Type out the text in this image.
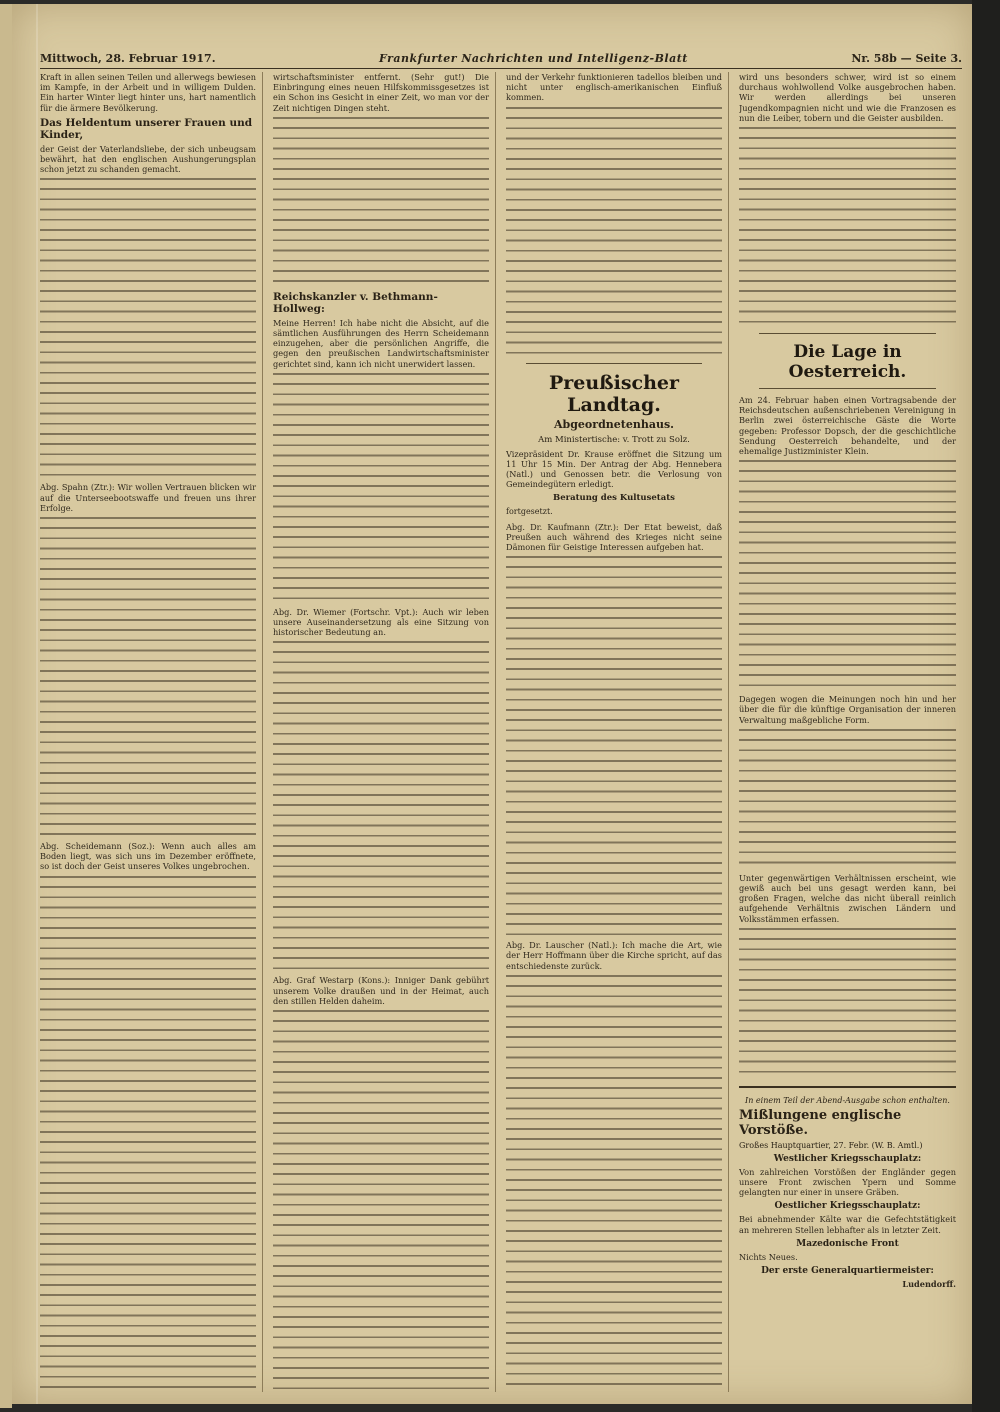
Mittwoch, 28. Februar 1917.	Frankfurter Nachrichten und Intelligenz-Blatt	Nr. 58b — Seite 3.

Kraft in allen seinen Teilen und allerwegs bewiesen im Kampfe, in der Arbeit und in willigem Dulden. Ein harter Winter liegt hinter uns, hart namentlich für die ärmere Bevölkerung.

Das Heldentum unserer Frauen und Kinder,

der Geist der Vaterlandsliebe, der sich unbeugsam bewährt, hat den englischen Aushungerungsplan schon jetzt zu schanden gemacht.

Abg. Spahn (Ztr.): Wir wollen Vertrauen blicken wir auf die Unterseebootswaffe und freuen uns ihrer Erfolge.

Abg. Scheidemann (Soz.): Wenn auch alles am Boden liegt, was sich uns im Dezember eröffnete, so ist doch der Geist unseres Volkes ungebrochen.

wirtschaftsminister entfernt. (Sehr gut!) Die Einbringung eines neuen Hilfskommissgesetzes ist ein Schon ins Gesicht in einer Zeit, wo man vor der Zeit nichtigen Dingen steht.

Reichskanzler v. Bethmann-Hollweg:

Meine Herren! Ich habe nicht die Absicht, auf die sämtlichen Ausführungen des Herrn Scheidemann einzugehen, aber die persönlichen Angriffe, die gegen den preußischen Landwirtschaftsminister gerichtet sind, kann ich nicht unerwidert lassen.

Abg. Dr. Wiemer (Fortschr. Vpt.): Auch wir leben unsere Auseinandersetzung als eine Sitzung von historischer Bedeutung an.

Abg. Graf Westarp (Kons.): Inniger Dank gebührt unserem Volke draußen und in der Heimat, auch den stillen Helden daheim.

und der Verkehr funktionieren tadellos bleiben und nicht unter englisch-amerikanischen Einfluß kommen.

Preußischer Landtag.
Abgeordnetenhaus.
Am Ministertische: v. Trott zu Solz.

Vizepräsident Dr. Krause eröffnet die Sitzung um 11 Uhr 15 Min. Der Antrag der Abg. Hennebera (Natl.) und Genossen betr. die Verlosung von Gemeindegütern erledigt.

Beratung des Kultusetats

fortgesetzt.

Abg. Dr. Kaufmann (Ztr.): Der Etat beweist, daß Preußen auch während des Krieges nicht seine Dämonen für Geistige Interessen aufgeben hat.

Abg. Dr. Lauscher (Natl.): Ich mache die Art, wie der Herr Hoffmann über die Kirche spricht, auf das entschiedenste zurück.

wird uns besonders schwer, wird ist so einem durchaus wohlwollend Volke ausgebrochen haben. Wir werden allerdings bei unseren Jugendkompagnien nicht und wie die Franzosen es nun die Leiber, tobern und die Geister ausbilden.

Die Lage in Oesterreich.

Am 24. Februar haben einen Vortragsabende der Reichsdeutschen außenschriebenen Vereinigung in Berlin zwei österreichische Gäste die Worte gegeben: Professor Dopsch, der die geschichtliche Sendung Oesterreich behandelte, und der ehemalige Justizminister Klein.

Dagegen wogen die Meinungen noch hin und her über die für die künftige Organisation der inneren Verwaltung maßgebliche Form.

Unter gegenwärtigen Verhältnissen erscheint, wie gewiß auch bei uns gesagt werden kann, bei großen Fragen, welche das nicht überall reinlich aufgehende Verhältnis zwischen Ländern und Volksstämmen erfassen.

In einem Teil der Abend-Ausgabe schon enthalten.
Mißlungene englische Vorstöße.
Großes Hauptquartier, 27. Febr. (W. B. Amtl.)
Westlicher Kriegsschauplatz:

Von zahlreichen Vorstößen der Engländer gegen unsere Front zwischen Ypern und Somme gelangten nur einer in unsere Gräben.

Oestlicher Kriegsschauplatz:

Bei abnehmender Kälte war die Gefechtstätigkeit an mehreren Stellen lebhafter als in letzter Zeit.

Mazedonische Front

Nichts Neues.

Der erste Generalquartiermeister:
Ludendorff.
